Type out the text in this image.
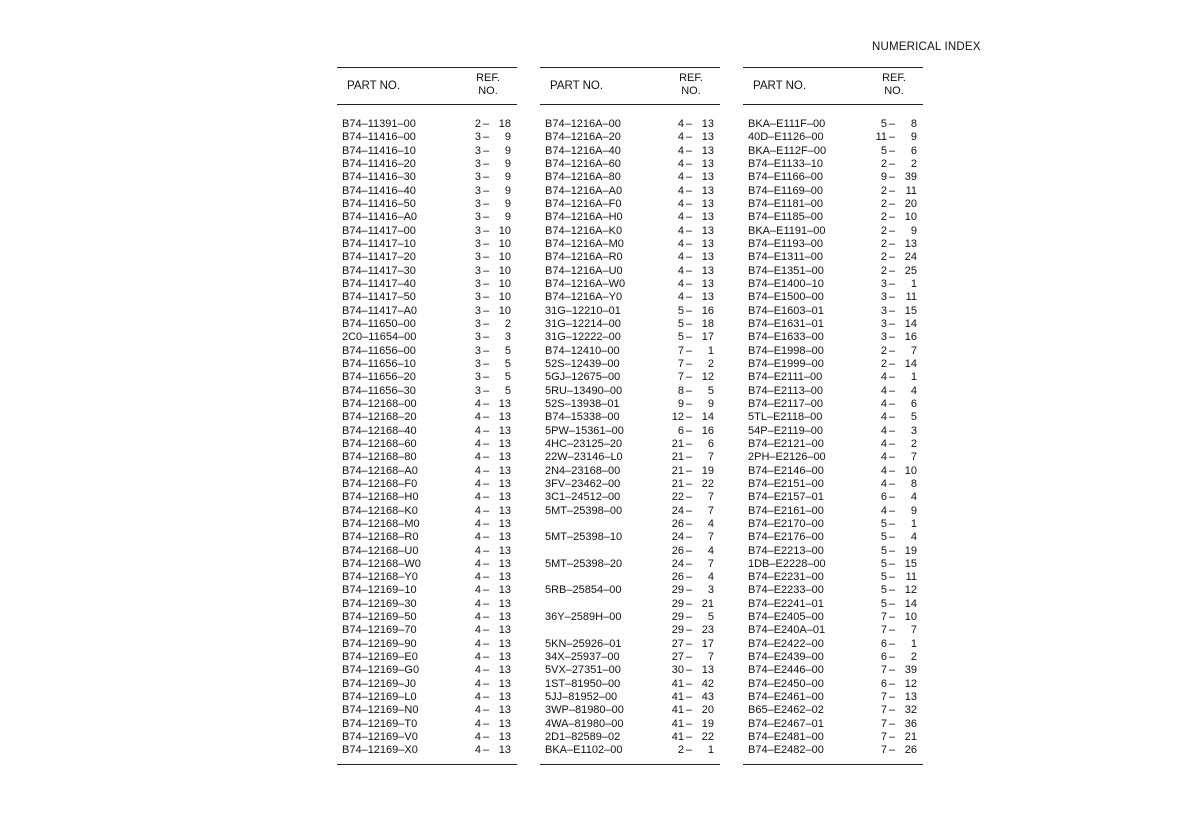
NUMERICAL INDEX
PART NO.
REF.
NO.
B74–11391–00	2 – 18
B74–11416–00	3 –	9
B74–11416–10	3 –	9
B74–11416–20	3 –	9
B74–11416–30	3 –	9
B74–11416–40	3 –	9
B74–11416–50	3 –	9
B74–11416–A0	3 –	9
B74–11417–00	3 – 10
B74–11417–10	3 – 10
B74–11417–20	3 – 10
B74–11417–30	3 – 10
B74–11417–40	3 – 10
B74–11417–50	3 – 10
B74–11417–A0	3 – 10
B74–11650–00	3 –	2
2C0–11654–00	3 –	3
B74–11656–00	3 –	5
B74–11656–10	3 –	5
B74–11656–20	3 –	5
B74–11656–30	3 –	5
B74–12168–00	4 – 13
B74–12168–20	4 – 13
B74–12168–40	4 – 13
B74–12168–60	4 – 13
B74–12168–80	4 – 13
B74–12168–A0	4 – 13
B74–12168–F0	4 – 13
B74–12168–H0	4 – 13
B74–12168–K0	4 – 13
B74–12168–M0	4 – 13
B74–12168–R0	4 – 13
B74–12168–U0	4 – 13
B74–12168–W0	4 – 13
B74–12168–Y0	4 – 13
B74–12169–10	4 – 13
B74–12169–30	4 – 13
B74–12169–50	4 – 13
B74–12169–70	4 – 13
B74–12169–90	4 – 13
B74–12169–E0	4 – 13
B74–12169–G0	4 – 13
B74–12169–J0	4 – 13
B74–12169–L0	4 – 13
B74–12169–N0	4 – 13
B74–12169–T0	4 – 13
B74–12169–V0	4 – 13
B74–12169–X0	4 – 13
PART NO.
REF.
NO.
B74–1216A–00	4 – 13
B74–1216A–20	4 – 13
B74–1216A–40	4 – 13
B74–1216A–60	4 – 13
B74–1216A–80	4 – 13
B74–1216A–A0	4 – 13
B74–1216A–F0	4 – 13
B74–1216A–H0	4 – 13
B74–1216A–K0	4 – 13
B74–1216A–M0	4 – 13
B74–1216A–R0	4 – 13
B74–1216A–U0	4 – 13
B74–1216A–W0	4 – 13
B74–1216A–Y0	4 – 13
31G–12210–01	5 – 16
31G–12214–00	5 – 18
31G–12222–00	5 – 17
B74–12410–00	7 –	1
52S–12439–00	7 –	2
5GJ–12675–00	7 – 12
5RU–13490–00	8 –	5
52S–13938–01	9 –	9
B74–15338–00	12 – 14
5PW–15361–00	6 – 16
4HC–23125–20	21 –	6
22W–23146–L0	21 –	7
2N4–23168–00	21 – 19
3FV–23462–00	21 – 22
3C1–24512–00	22 –	7
5MT–25398–00	24 –	7
26 –	4
5MT–25398–10	24 –	7
26 –	4
5MT–25398–20	24 –	7
26 –	4
5RB–25854–00	29 –	3
29 – 21
36Y–2589H–00	29 –	5
29 – 23
5KN–25926–01	27 – 17
34X–25937–00	27 –	7
5VX–27351–00	30 – 13
1ST–81950–00	41 – 42
5JJ–81952–00	41 – 43
3WP–81980–00	41 – 20
4WA–81980–00	41 – 19
2D1–82589–02	41 – 22
BKA–E1102–00	2 –	1
PART NO.
REF.
NO.
BKA–E111F–00	5 –	8
40D–E1126–00	11 –	9
BKA–E112F–00	5 –	6
B74–E1133–10	2 –	2
B74–E1166–00	9 – 39
B74–E1169–00	2 – 11
B74–E1181–00	2 – 20
B74–E1185–00	2 – 10
BKA–E1191–00	2 –	9
B74–E1193–00	2 – 13
B74–E1311–00	2 – 24
B74–E1351–00	2 – 25
B74–E1400–10	3 –	1
B74–E1500–00	3 – 11
B74–E1603–01	3 – 15
B74–E1631–01	3 – 14
B74–E1633–00	3 – 16
B74–E1998–00	2 –	7
B74–E1999–00	2 – 14
B74–E2111–00	4 –	1
B74–E2113–00	4 –	4
B74–E2117–00	4 –	6
5TL–E2118–00	4 –	5
54P–E2119–00	4 –	3
B74–E2121–00	4 –	2
2PH–E2126–00	4 –	7
B74–E2146–00	4 – 10
B74–E2151–00	4 –	8
B74–E2157–01	6 –	4
B74–E2161–00	4 –	9
B74–E2170–00	5 –	1
B74–E2176–00	5 –	4
B74–E2213–00	5 – 19
1DB–E2228–00	5 – 15
B74–E2231–00	5 – 11
B74–E2233–00	5 – 12
B74–E2241–01	5 – 14
B74–E2405–00	7 – 10
B74–E240A–01	7 –	7
B74–E2422–00	6 –	1
B74–E2439–00	6 –	2
B74–E2446–00	7 – 39
B74–E2450–00	6 – 12
B74–E2461–00	7 – 13
B65–E2462–02	7 – 32
B74–E2467–01	7 – 36
B74–E2481–00	7 – 21
B74–E2482–00	7 – 26
